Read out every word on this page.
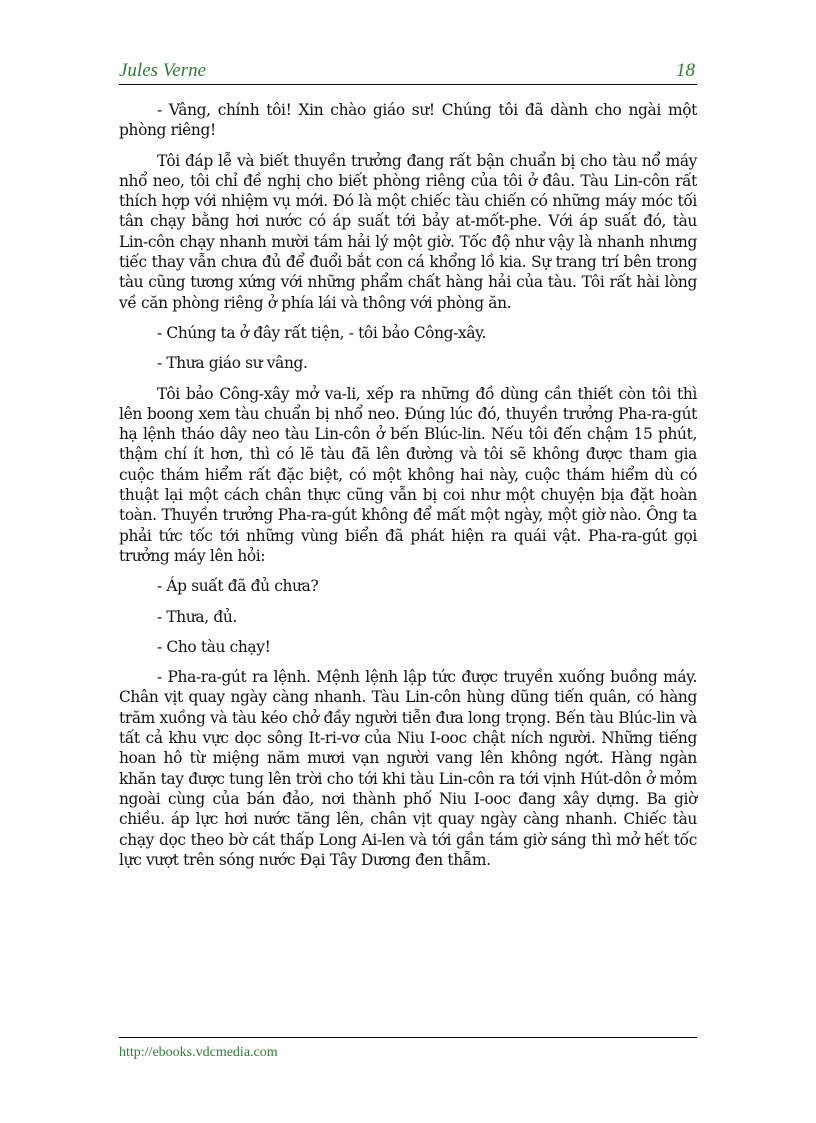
Jules Verne	18

- Vâng, chính tôi! Xin chào giáo sư! Chúng tôi đã dành cho ngài một phòng riêng!

Tôi đáp lễ và biết thuyền trưởng đang rất bận chuẩn bị cho tàu nổ máy nhổ neo, tôi chỉ đề nghị cho biết phòng riêng của tôi ở đâu. Tàu Lin-côn rất thích hợp với nhiệm vụ mới. Đó là một chiếc tàu chiến có những máy móc tối tân chạy bằng hơi nước có áp suất tới bảy at-mốt-phe. Với áp suất đó, tàu Lin-côn chạy nhanh mười tám hải lý một giờ. Tốc độ như vậy là nhanh nhưng tiếc thay vẫn chưa đủ để đuổi bắt con cá khổng lồ kia. Sự trang trí bên trong tàu cũng tương xứng với những phẩm chất hàng hải của tàu. Tôi rất hài lòng về căn phòng riêng ở phía lái và thông với phòng ăn.

- Chúng ta ở đây rất tiện, - tôi bảo Công-xây.

- Thưa giáo sư vâng.

Tôi bảo Công-xây mở va-li, xếp ra những đồ dùng cần thiết còn tôi thì lên boong xem tàu chuẩn bị nhổ neo. Đúng lúc đó, thuyền trưởng Pha-ra-gút hạ lệnh tháo dây neo tàu Lin-côn ở bến Blúc-lin. Nếu tôi đến chậm 15 phút, thậm chí ít hơn, thì có lẽ tàu đã lên đường và tôi sẽ không được tham gia cuộc thám hiểm rất đặc biệt, có một không hai này, cuộc thám hiểm dù có thuật lại một cách chân thực cũng vẫn bị coi như một chuyện bịa đặt hoàn toàn. Thuyền trưởng Pha-ra-gút không để mất một ngày, một giờ nào. Ông ta phải tức tốc tới những vùng biển đã phát hiện ra quái vật. Pha-ra-gút gọi trưởng máy lên hỏi:

- Áp suất đã đủ chưa?

- Thưa, đủ.

- Cho tàu chạy!

- Pha-ra-gút ra lệnh. Mệnh lệnh lập tức được truyền xuống buồng máy. Chân vịt quay ngày càng nhanh. Tàu Lin-côn hùng dũng tiến quân, có hàng trăm xuồng và tàu kéo chở đầy người tiễn đưa long trọng. Bến tàu Blúc-lin và tất cả khu vực dọc sông It-ri-vơ của Niu I-ooc chật ních người. Những tiếng hoan hô từ miệng năm mươi vạn người vang lên không ngớt. Hàng ngàn khăn tay được tung lên trời cho tới khi tàu Lin-côn ra tới vịnh Hút-dôn ở mỏm ngoài cùng của bán đảo, nơi thành phố Niu I-ooc đang xây dựng. Ba giờ chiều. áp lực hơi nước tăng lên, chân vịt quay ngày càng nhanh. Chiếc tàu chạy dọc theo bờ cát thấp Long Ai-len và tới gần tám giờ sáng thì mở hết tốc lực vượt trên sóng nước Đại Tây Dương đen thẫm.

http://ebooks.vdcmedia.com
